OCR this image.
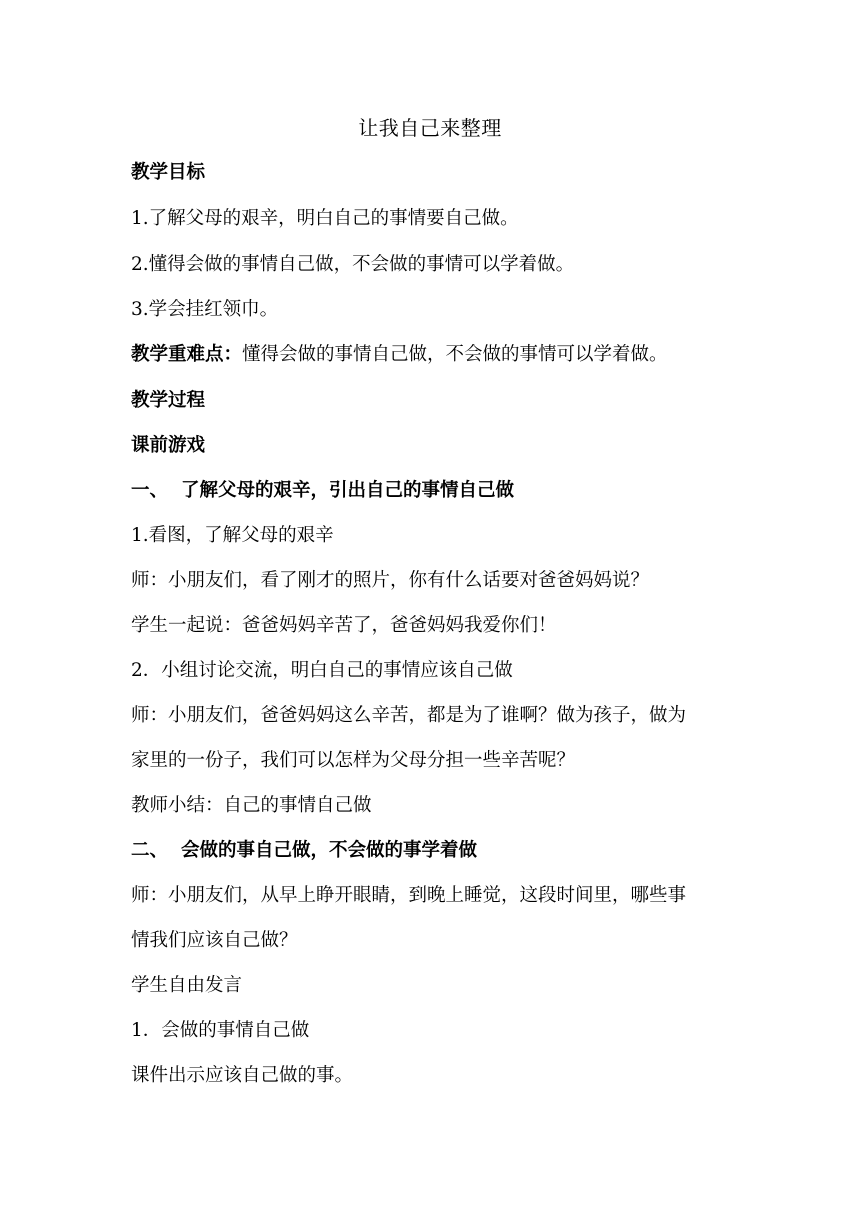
让我自己来整理
教学目标
1.了解父母的艰辛，明白自己的事情要自己做。
2.懂得会做的事情自己做，不会做的事情可以学着做。
3.学会挂红领巾。
教学重难点：懂得会做的事情自己做，不会做的事情可以学着做。
教学过程
课前游戏
一、 了解父母的艰辛，引出自己的事情自己做
1.看图，了解父母的艰辛
师：小朋友们，看了刚才的照片，你有什么话要对爸爸妈妈说？
学生一起说：爸爸妈妈辛苦了，爸爸妈妈我爱你们！
2．小组讨论交流，明白自己的事情应该自己做
师：小朋友们，爸爸妈妈这么辛苦，都是为了谁啊？做为孩子，做为
家里的一份子，我们可以怎样为父母分担一些辛苦呢？
教师小结：自己的事情自己做
二、 会做的事自己做，不会做的事学着做
师：小朋友们，从早上睁开眼睛，到晚上睡觉，这段时间里，哪些事
情我们应该自己做？
学生自由发言
1．会做的事情自己做
课件出示应该自己做的事。
